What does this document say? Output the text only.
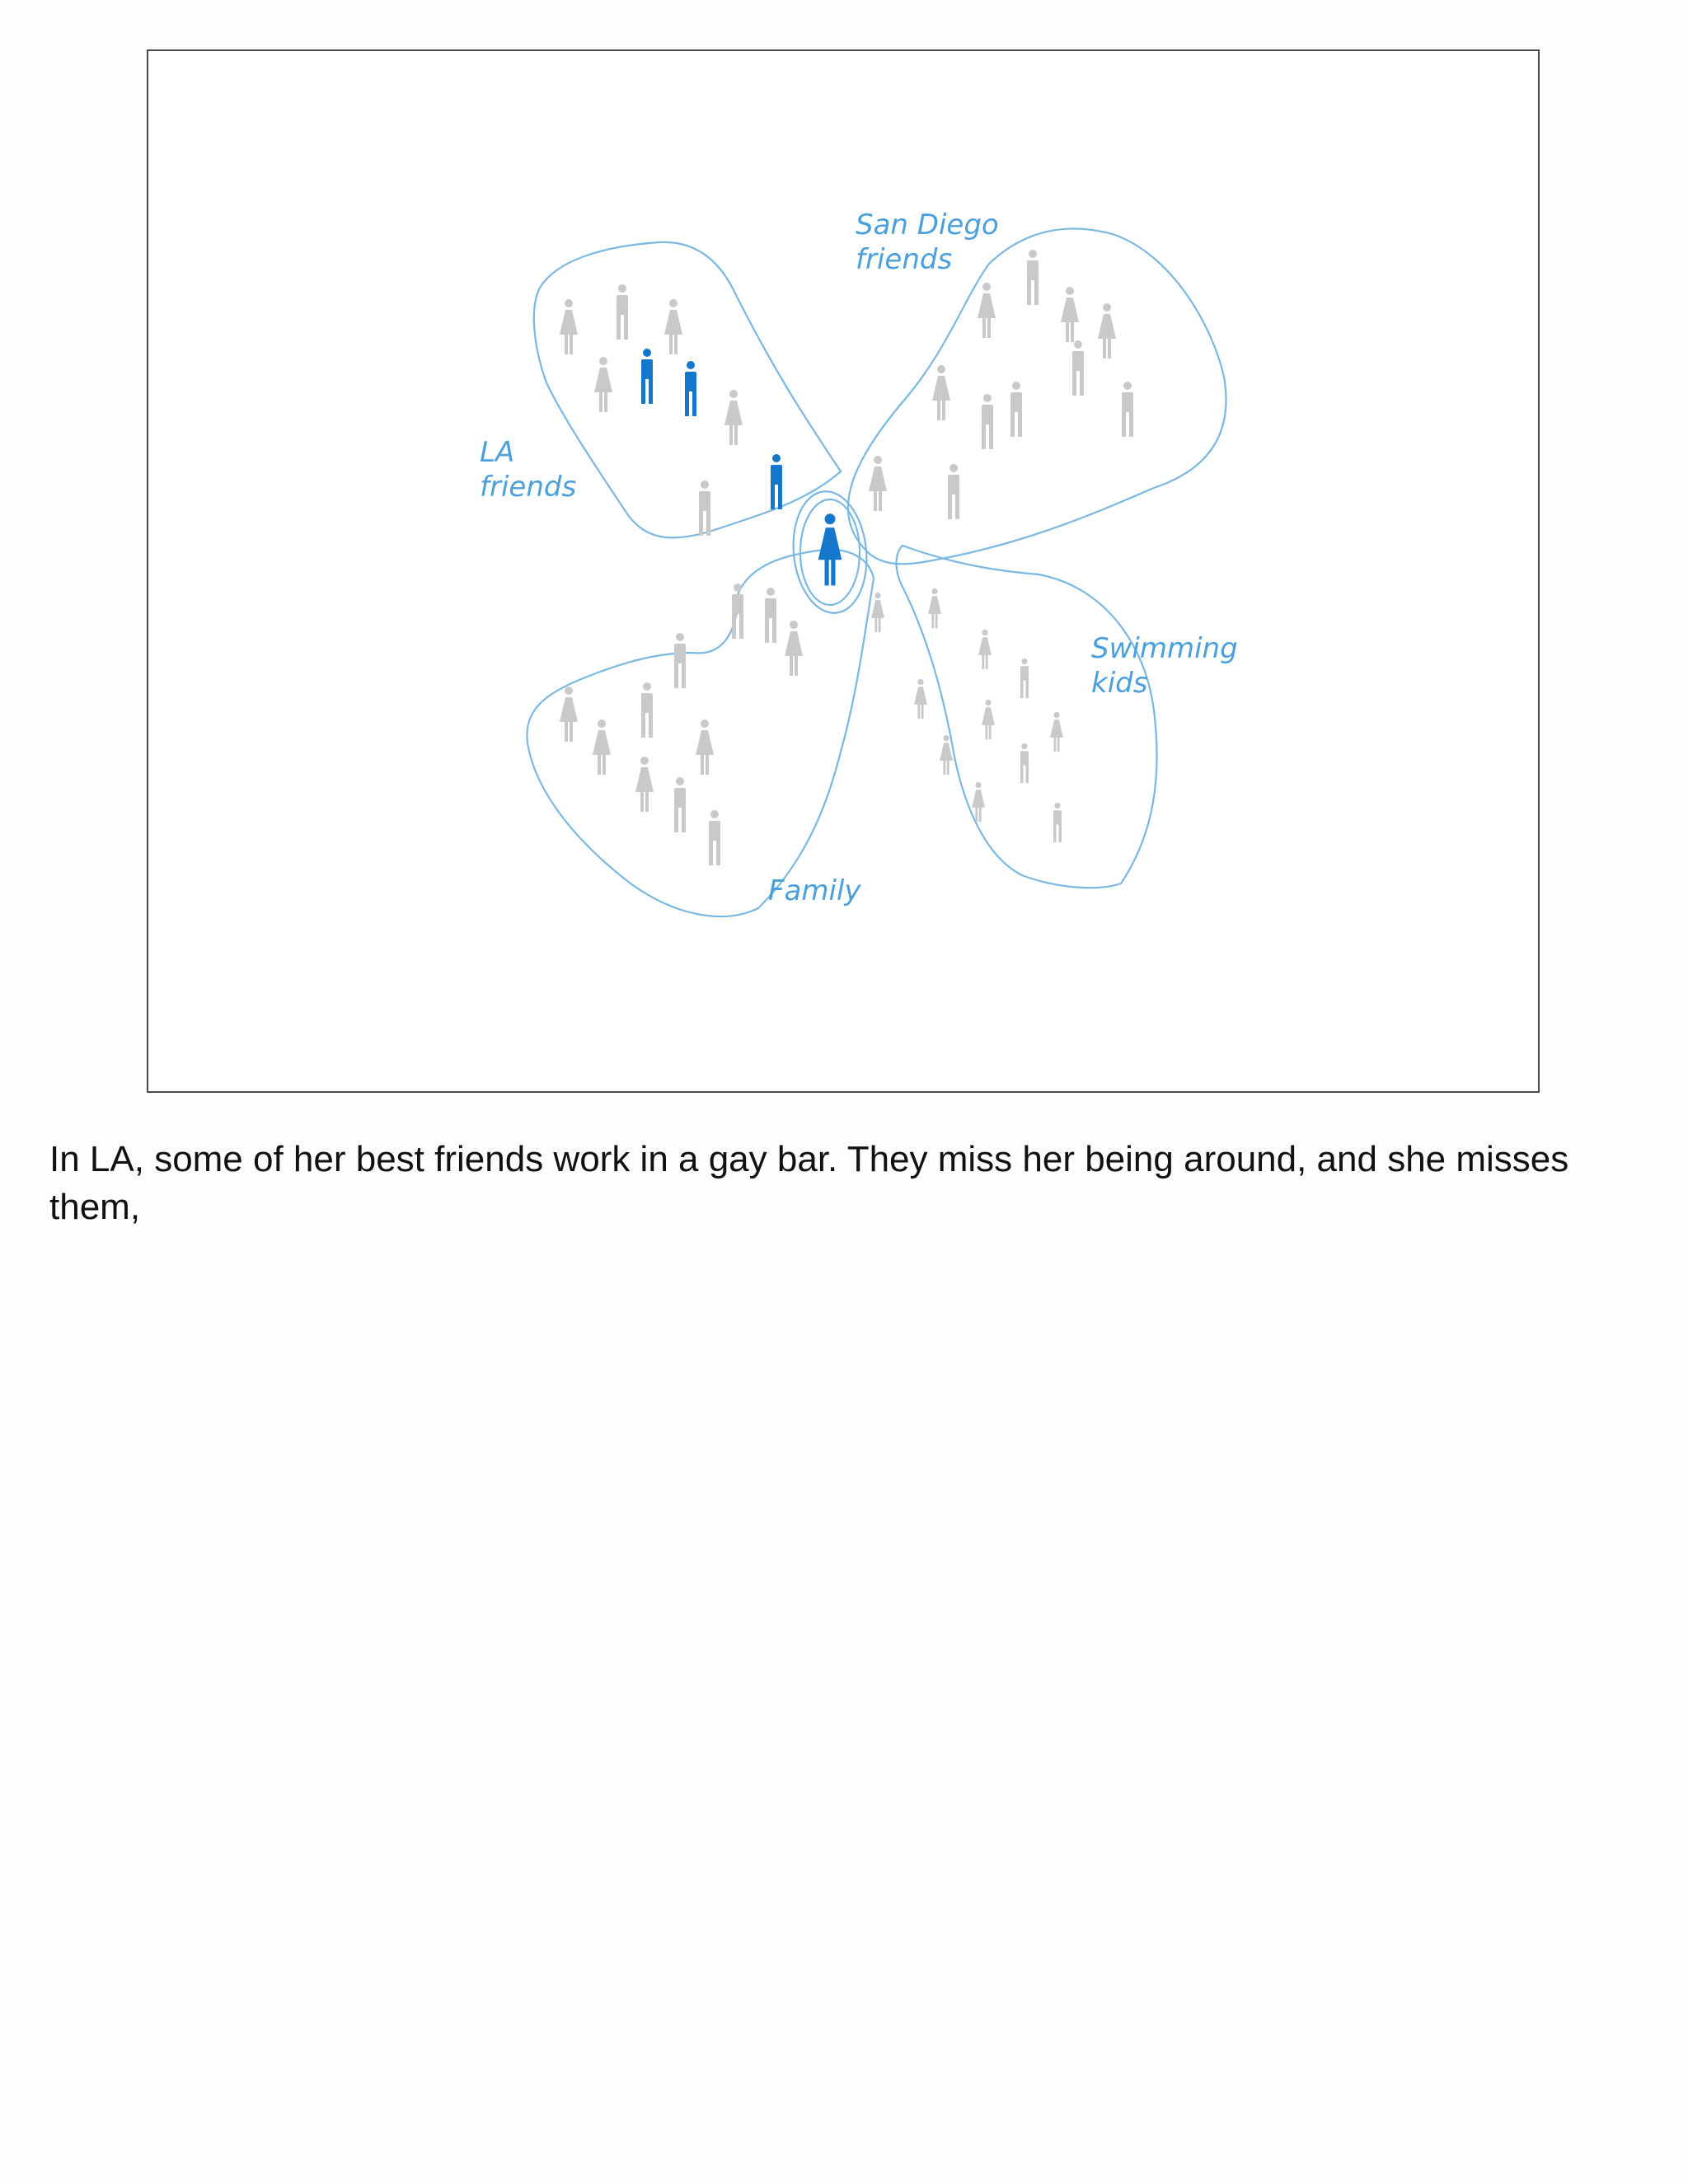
LA friends
San Diego friends
Swimming kids
Family
In LA, some of her best friends work in a gay bar. They miss her being around, and she misses them,
